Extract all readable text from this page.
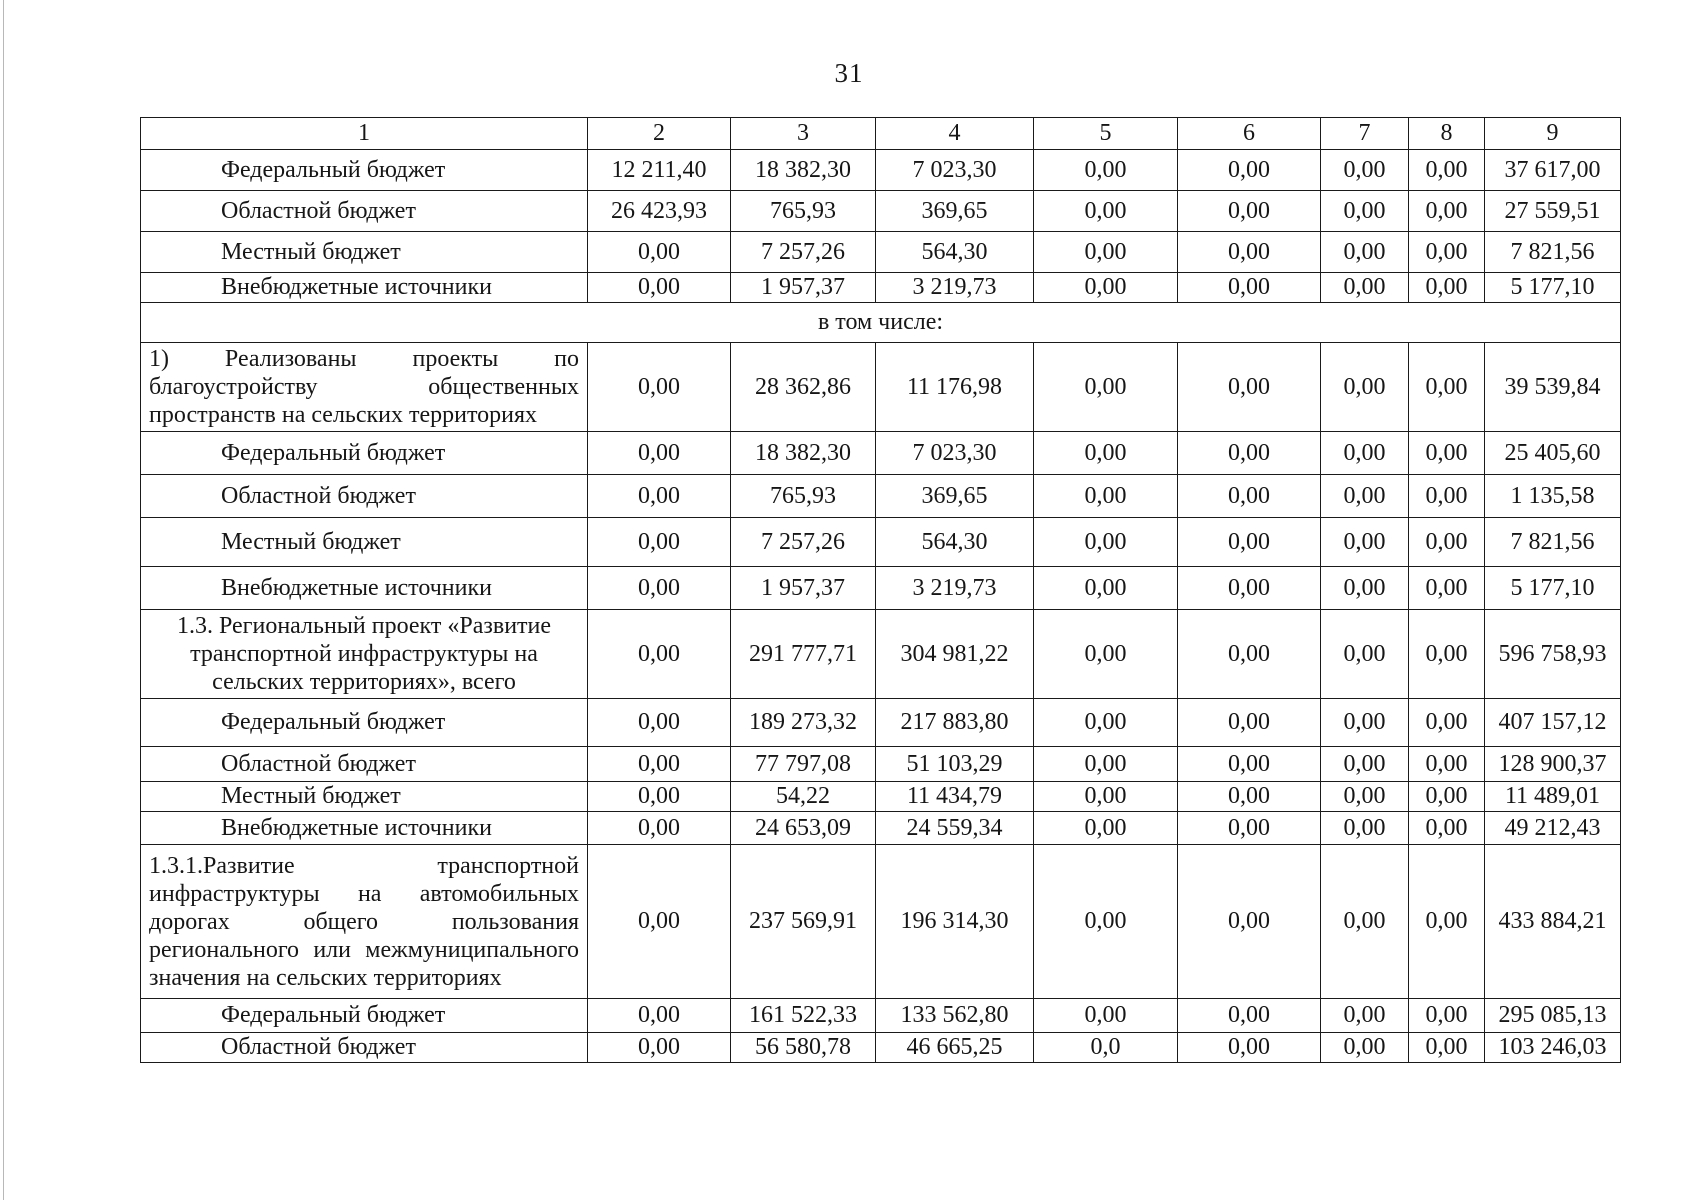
31
1	2	3	4	5	6	7	8	9
Федеральный бюджет	12 211,40	18 382,30	7 023,30	0,00	0,00	0,00	0,00	37 617,00
Областной бюджет	26 423,93	765,93	369,65	0,00	0,00	0,00	0,00	27 559,51
Местный бюджет	0,00	7 257,26	564,30	0,00	0,00	0,00	0,00	7 821,56
Внебюджетные источники	0,00	1 957,37	3 219,73	0,00	0,00	0,00	0,00	5 177,10
в том числе:								
1) Реализованы проекты по благоустройству общественных пространств на сельских территориях	0,00	28 362,86	11 176,98	0,00	0,00	0,00	0,00	39 539,84
Федеральный бюджет	0,00	18 382,30	7 023,30	0,00	0,00	0,00	0,00	25 405,60
Областной бюджет	0,00	765,93	369,65	0,00	0,00	0,00	0,00	1 135,58
Местный бюджет	0,00	7 257,26	564,30	0,00	0,00	0,00	0,00	7 821,56
Внебюджетные источники	0,00	1 957,37	3 219,73	0,00	0,00	0,00	0,00	5 177,10
1.3. Региональный проект «Развитие транспортной инфраструктуры на сельских территориях», всего	0,00	291 777,71	304 981,22	0,00	0,00	0,00	0,00	596 758,93
Федеральный бюджет	0,00	189 273,32	217 883,80	0,00	0,00	0,00	0,00	407 157,12
Областной бюджет	0,00	77 797,08	51 103,29	0,00	0,00	0,00	0,00	128 900,37
Местный бюджет	0,00	54,22	11 434,79	0,00	0,00	0,00	0,00	11 489,01
Внебюджетные источники	0,00	24 653,09	24 559,34	0,00	0,00	0,00	0,00	49 212,43
1.3.1.Развитие транспортной инфраструктуры на автомобильных дорогах общего пользования регионального или межмуниципального значения на сельских территориях	0,00	237 569,91	196 314,30	0,00	0,00	0,00	0,00	433 884,21
Федеральный бюджет	0,00	161 522,33	133 562,80	0,00	0,00	0,00	0,00	295 085,13
Областной бюджет	0,00	56 580,78	46 665,25	0,0	0,00	0,00	0,00	103 246,03
